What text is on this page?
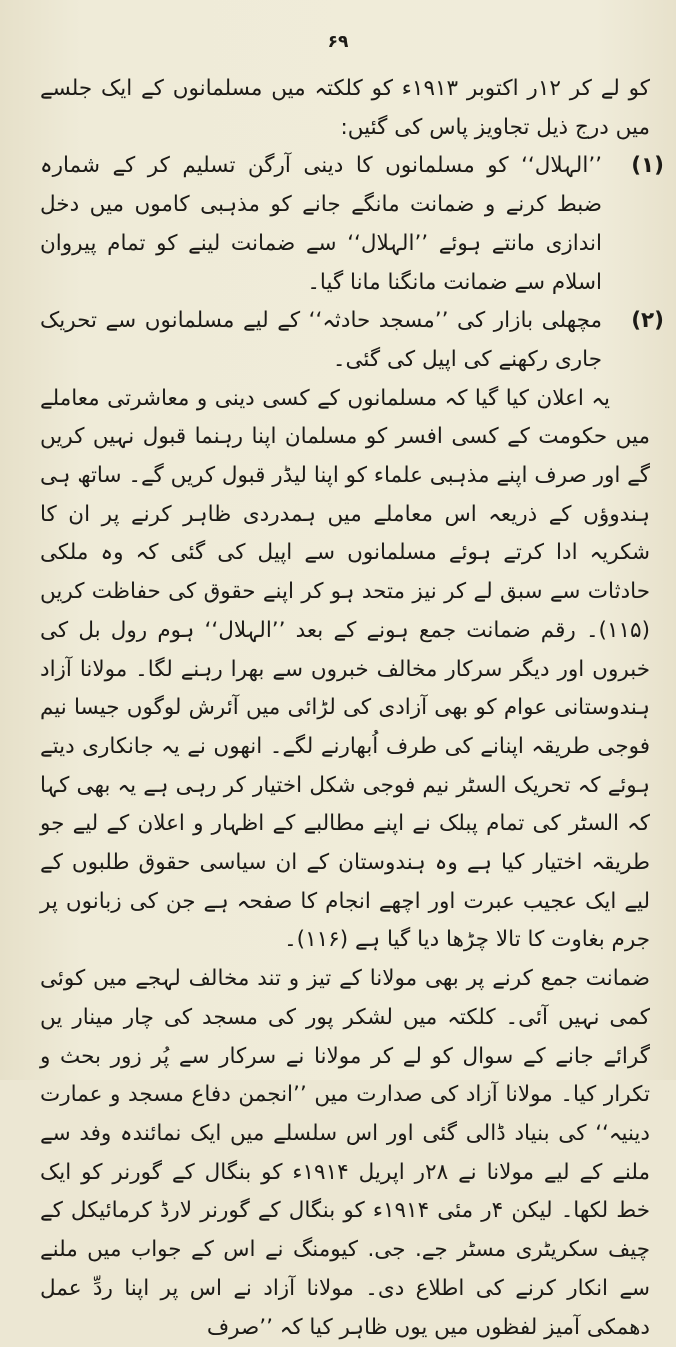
۶۹

کو لے کر ۱۲ر اکتوبر ۱۹۱۳ء کو کلکتہ میں مسلمانوں کے ایک جلسے میں درج ذیل تجاویز پاس کی گئیں:

(۱)
’’الہلال‘‘ کو مسلمانوں کا دینی آرگن تسلیم کر کے شمارہ ضبط کرنے و ضمانت مانگے جانے کو مذہبی کاموں میں دخل اندازی مانتے ہوئے ’’الہلال‘‘ سے ضمانت لینے کو تمام پیروان اسلام سے ضمانت مانگنا مانا گیا۔
(۲)
مچھلی بازار کی ’’مسجد حادثہ‘‘ کے لیے مسلمانوں سے تحریک جاری رکھنے کی اپیل کی گئی۔

یہ اعلان کیا گیا کہ مسلمانوں کے کسی دینی و معاشرتی معاملے میں حکومت کے کسی افسر کو مسلمان اپنا رہنما قبول نہیں کریں گے اور صرف اپنے مذہبی علماء کو اپنا لیڈر قبول کریں گے۔ ساتھ ہی ہندوؤں کے ذریعہ اس معاملے میں ہمدردی ظاہر کرنے پر ان کا شکریہ ادا کرتے ہوئے مسلمانوں سے اپیل کی گئی کہ وہ ملکی حادثات سے سبق لے کر نیز متحد ہو کر اپنے حقوق کی حفاظت کریں (۱۱۵)۔ رقم ضمانت جمع ہونے کے بعد ’’الہلال‘‘ ہوم رول بل کی خبروں اور دیگر سرکار مخالف خبروں سے بھرا رہنے لگا۔ مولانا آزاد ہندوستانی عوام کو بھی آزادی کی لڑائی میں آئرش لوگوں جیسا نیم فوجی طریقہ اپنانے کی طرف اُبھارنے لگے۔ انھوں نے یہ جانکاری دیتے ہوئے کہ تحریک السٹر نیم فوجی شکل اختیار کر رہی ہے یہ بھی کہا کہ السٹر کی تمام پبلک نے اپنے مطالبے کے اظہار و اعلان کے لیے جو طریقہ اختیار کیا ہے وہ ہندوستان کے ان سیاسی حقوق طلبوں کے لیے ایک عجیب عبرت اور اچھے انجام کا صفحہ ہے جن کی زبانوں پر جرم بغاوت کا تالا چڑھا دیا گیا ہے (۱۱۶)۔

ضمانت جمع کرنے پر بھی مولانا کے تیز و تند مخالف لہجے میں کوئی کمی نہیں آئی۔ کلکتہ میں لشکر پور کی مسجد کی چار مینار یں گرائے جانے کے سوال کو لے کر مولانا نے سرکار سے پُر زور بحث و تکرار کیا۔ مولانا آزاد کی صدارت میں ’’انجمن دفاع مسجد و عمارت دینیہ‘‘ کی بنیاد ڈالی گئی اور اس سلسلے میں ایک نمائندہ وفد سے ملنے کے لیے مولانا نے ۲۸ر اپریل ۱۹۱۴ء کو بنگال کے گورنر کو ایک خط لکھا۔ لیکن ۴ر مئی ۱۹۱۴ء کو بنگال کے گورنر لارڈ کرمائیکل کے چیف سکریٹری مسٹر جے. جی. کیومنگ نے اس کے جواب میں ملنے سے انکار کرنے کی اطلاع دی۔ مولانا آزاد نے اس پر اپنا ردِّ عمل دھمکی آمیز لفظوں میں یوں ظاہر کیا کہ ’’صرف
